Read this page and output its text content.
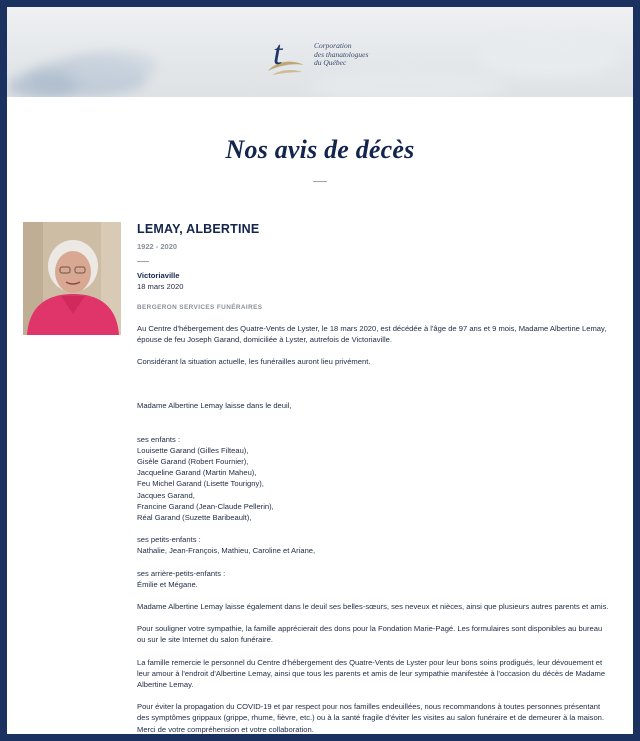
t	Corporation
des thanatologues
du Québec
Nos avis de décès
LEMAY, ALBERTINE
1922 - 2020
Victoriaville
18 mars 2020
BERGERON SERVICES FUNÉRAIRES

Au Centre d'hébergement des Quatre-Vents de Lyster, le 18 mars 2020, est décédée à l'âge de 97 ans et 9 mois, Madame Albertine Lemay,
épouse de feu Joseph Garand, domiciliée à Lyster, autrefois de Victoriaville.

Considérant la situation actuelle, les funérailles auront lieu privément.

Madame Albertine Lemay laisse dans le deuil,

ses enfants :
Louisette Garand (Gilles Filteau),
Gisèle Garand (Robert Fournier),
Jacqueline Garand (Martin Maheu),
Feu Michel Garand (Lisette Tourigny),
Jacques Garand,
Francine Garand (Jean-Claude Pellerin),
Réal Garand (Suzette Baribeault),

ses petits-enfants :
Nathalie, Jean-François, Mathieu, Caroline et Ariane,

ses arrière-petits-enfants :
Émilie et Mégane.

Madame Albertine Lemay laisse également dans le deuil ses belles-sœurs, ses neveux et nièces, ainsi que plusieurs autres parents et amis.

Pour souligner votre sympathie, la famille apprécierait des dons pour la Fondation Marie-Pagé. Les formulaires sont disponibles au bureau
ou sur le site Internet du salon funéraire.

La famille remercie le personnel du Centre d'hébergement des Quatre-Vents de Lyster pour leur bons soins prodigués, leur dévouement et
leur amour à l'endroit d'Albertine Lemay, ainsi que tous les parents et amis de leur sympathie manifestée à l'occasion du décès de Madame
Albertine Lemay.

Pour éviter la propagation du COVID-19 et par respect pour nos familles endeuillées, nous recommandons à toutes personnes présentant
des symptômes grippaux (grippe, rhume, fièvre, etc.) ou à la santé fragile d'éviter les visites au salon funéraire et de demeurer à la maison.
Merci de votre compréhension et votre collaboration.
